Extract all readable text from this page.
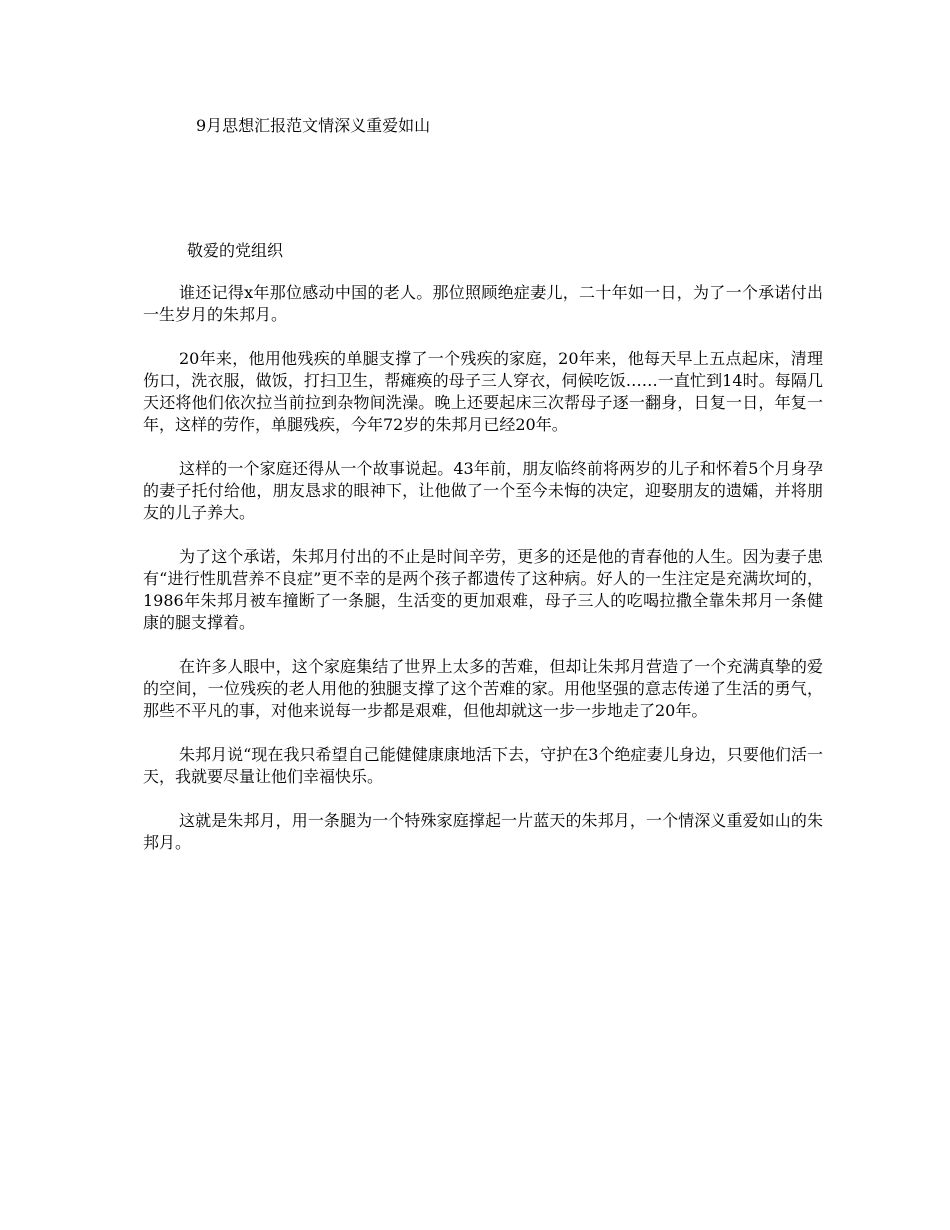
9月思想汇报范文情深义重爱如山
敬爱的党组织

谁还记得x年那位感动中国的老人。那位照顾绝症妻儿，二十年如一日，为了一个承诺付出一生岁月的朱邦月。

20年来，他用他残疾的单腿支撑了一个残疾的家庭，20年来，他每天早上五点起床，清理伤口，洗衣服，做饭，打扫卫生，帮瘫痪的母子三人穿衣，伺候吃饭……一直忙到14时。每隔几天还将他们依次拉当前拉到杂物间洗澡。晚上还要起床三次帮母子逐一翻身，日复一日，年复一年，这样的劳作，单腿残疾，今年72岁的朱邦月已经20年。

这样的一个家庭还得从一个故事说起。43年前，朋友临终前将两岁的儿子和怀着5个月身孕的妻子托付给他，朋友恳求的眼神下，让他做了一个至今未悔的决定，迎娶朋友的遗孀，并将朋友的儿子养大。

为了这个承诺，朱邦月付出的不止是时间辛劳，更多的还是他的青春他的人生。因为妻子患有“进行性肌营养不良症”更不幸的是两个孩子都遗传了这种病。好人的一生注定是充满坎坷的，1986年朱邦月被车撞断了一条腿，生活变的更加艰难，母子三人的吃喝拉撒全靠朱邦月一条健康的腿支撑着。

在许多人眼中，这个家庭集结了世界上太多的苦难，但却让朱邦月营造了一个充满真挚的爱的空间，一位残疾的老人用他的独腿支撑了这个苦难的家。用他坚强的意志传递了生活的勇气，那些不平凡的事，对他来说每一步都是艰难，但他却就这一步一步地走了20年。

朱邦月说“现在我只希望自己能健健康康地活下去，守护在3个绝症妻儿身边，只要他们活一天，我就要尽量让他们幸福快乐。

这就是朱邦月，用一条腿为一个特殊家庭撑起一片蓝天的朱邦月，一个情深义重爱如山的朱邦月。
